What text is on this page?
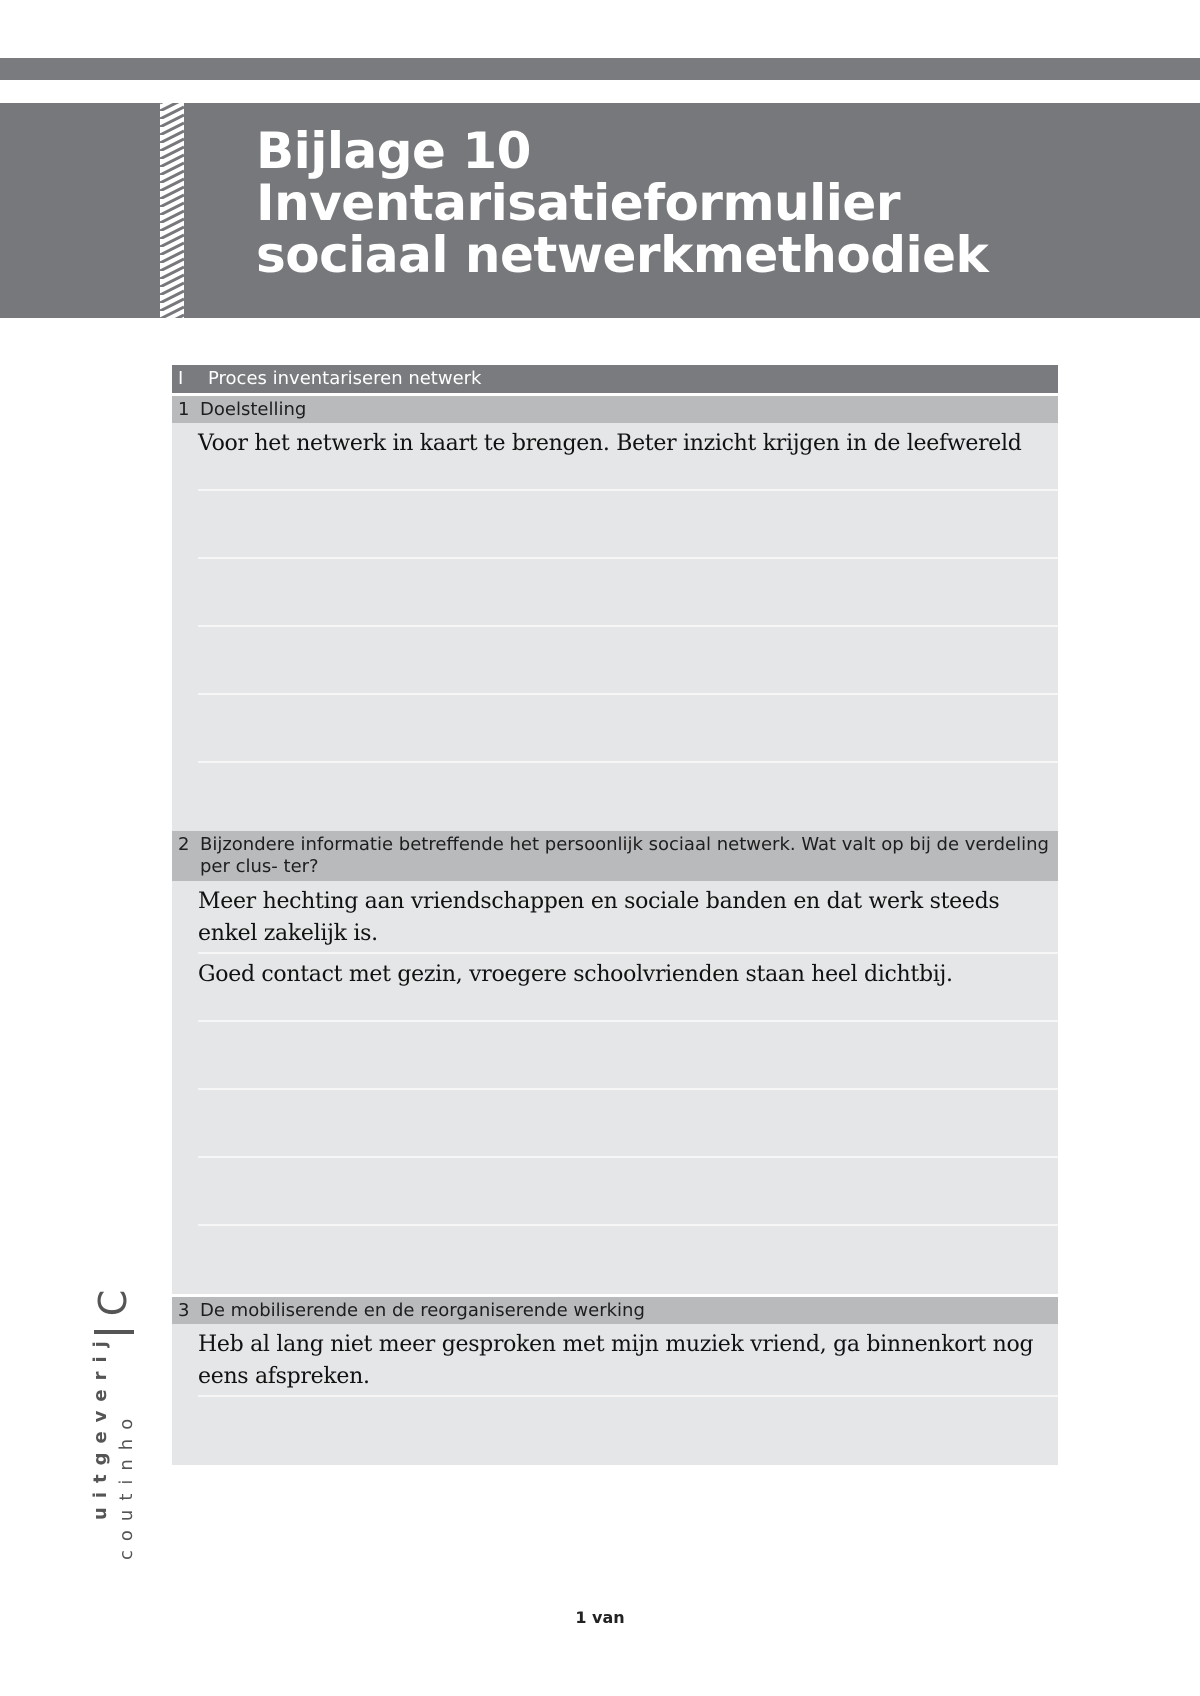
Bijlage 10
Inventarisatieformulier
sociaal netwerkmethodiek
I	Proces inventariseren netwerk
1 Doelstelling
Voor het netwerk in kaart te brengen. Beter inzicht krijgen in de leefwereld
2 Bijzondere informatie betreffende het persoonlijk sociaal netwerk. Wat valt op bij de verdeling
per clus- ter?
Meer hechting aan vriendschappen en sociale banden en dat werk steeds enkel zakelijk is.
Goed contact met gezin, vroegere schoolvrienden staan heel dichtbij.
3 De mobiliserende en de reorganiserende werking
Heb al lang niet meer gesproken met mijn muziek vriend, ga binnenkort nog eens afspreken.
C
uitgeverij coutinho
1 van
